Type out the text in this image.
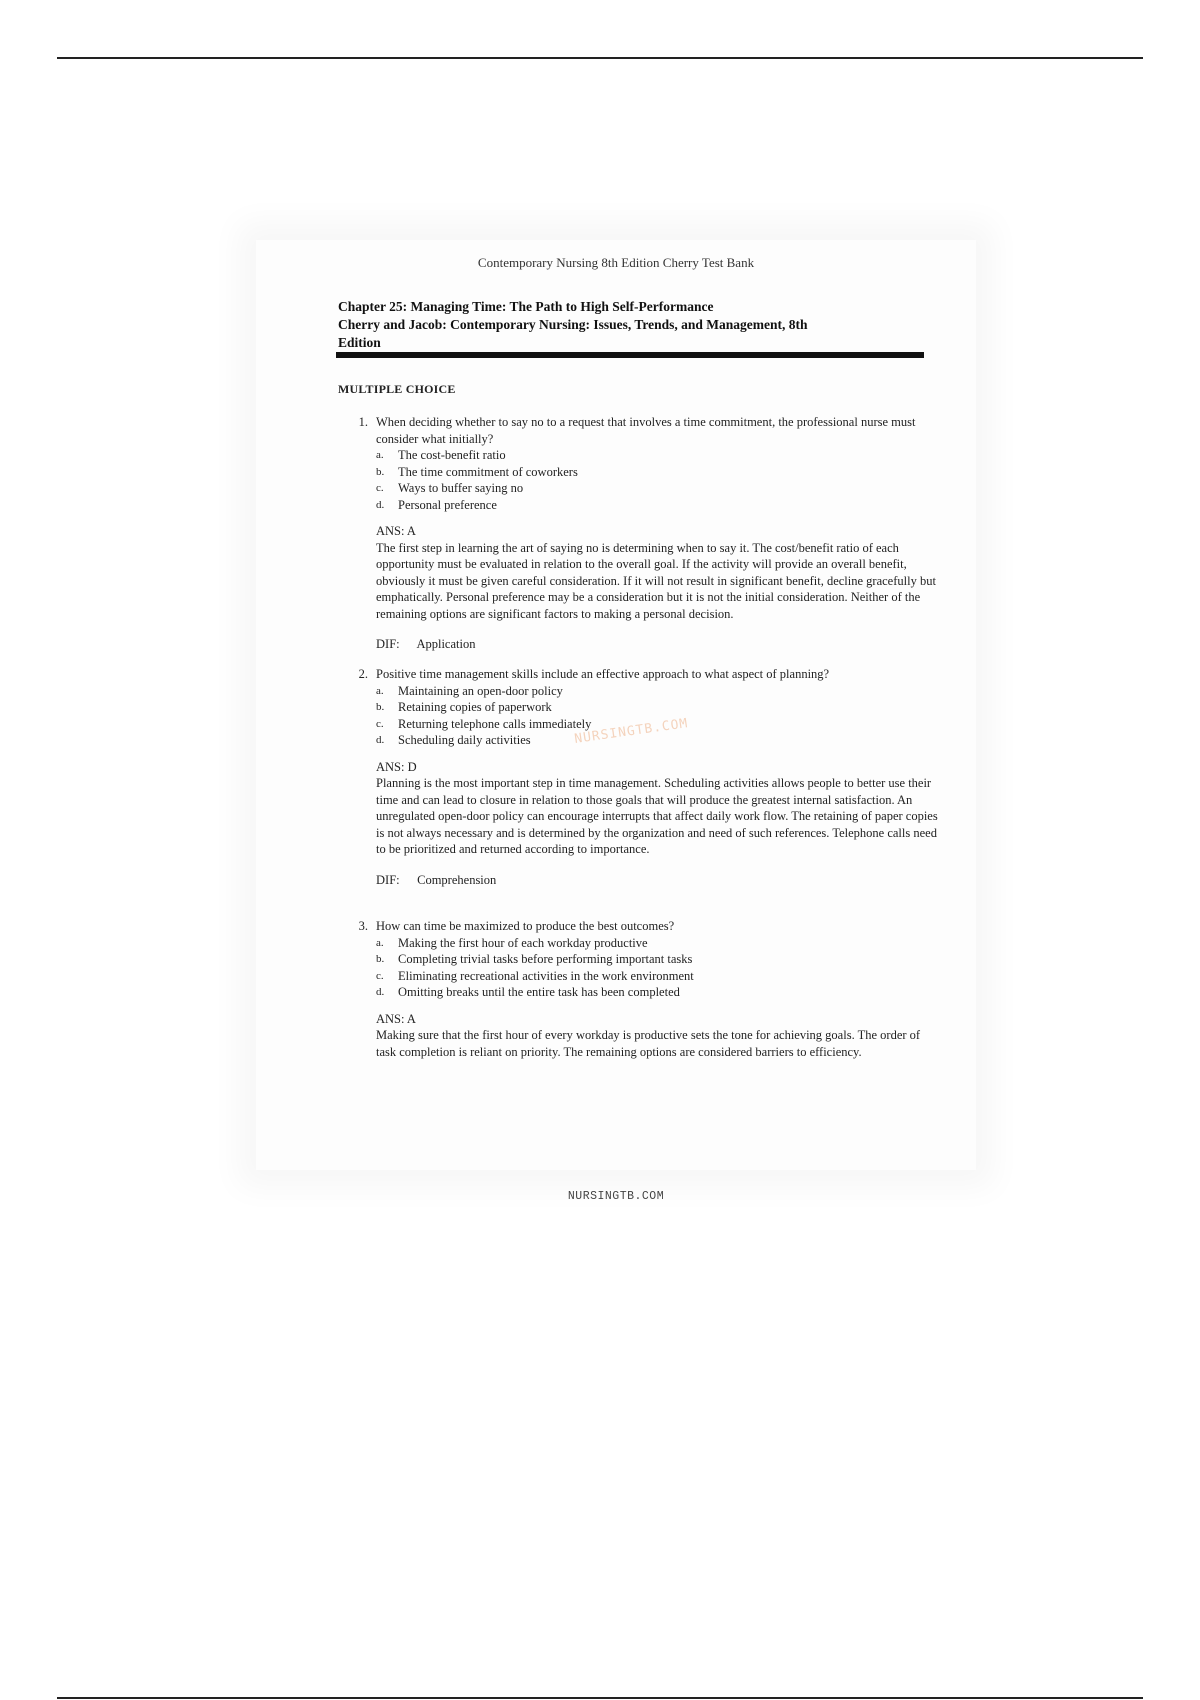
Contemporary Nursing 8th Edition Cherry Test Bank
Chapter 25: Managing Time: The Path to High Self-Performance
Cherry and Jacob: Contemporary Nursing: Issues, Trends, and Management, 8th
Edition
MULTIPLE CHOICE
1. When deciding whether to say no to a request that involves a time commitment, the professional nurse must consider what initially?
a.	The cost-benefit ratio
b.	The time commitment of coworkers
c.	Ways to buffer saying no
d.	Personal preference
ANS: A
The first step in learning the art of saying no is determining when to say it. The cost/benefit ratio of each opportunity must be evaluated in relation to the overall goal. If the activity will provide an overall benefit, obviously it must be given careful consideration. If it will not result in significant benefit, decline gracefully but emphatically. Personal preference may be a consideration but it is not the initial consideration. Neither of the remaining options are significant factors to making a personal decision.
DIF: Application
2. Positive time management skills include an effective approach to what aspect of planning?
a.	Maintaining an open-door policy
b.	Retaining copies of paperwork
c.	Returning telephone calls immediately
d.	Scheduling daily activities
ANS: D
Planning is the most important step in time management. Scheduling activities allows people to better use their time and can lead to closure in relation to those goals that will produce the greatest internal satisfaction. An unregulated open-door policy can encourage interrupts that affect daily work flow. The retaining of paper copies is not always necessary and is determined by the organization and need of such references. Telephone calls need to be prioritized and returned according to importance.
DIF: Comprehension
3. How can time be maximized to produce the best outcomes?
a.	Making the first hour of each workday productive
b.	Completing trivial tasks before performing important tasks
c.	Eliminating recreational activities in the work environment
d.	Omitting breaks until the entire task has been completed
ANS: A
Making sure that the first hour of every workday is productive sets the tone for achieving goals. The order of task completion is reliant on priority. The remaining options are considered barriers to efficiency.
NURSINGTB.COM
NURSINGTB.COM
